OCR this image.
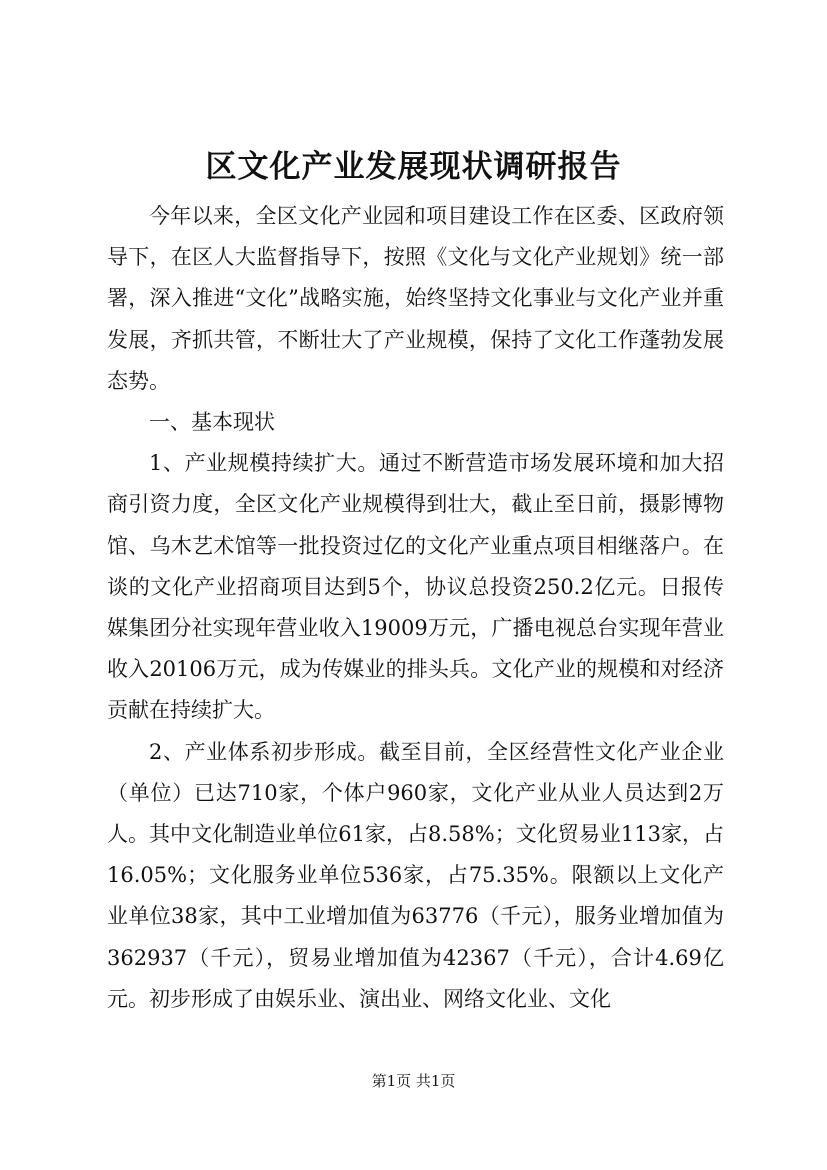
区文化产业发展现状调研报告

今年以来，全区文化产业园和项目建设工作在区委、区政府领导下，在区人大监督指导下，按照《文化与文化产业规划》统一部署，深入推进“文化”战略实施，始终坚持文化事业与文化产业并重发展，齐抓共管，不断壮大了产业规模，保持了文化工作蓬勃发展态势。

一、基本现状

1、产业规模持续扩大。通过不断营造市场发展环境和加大招商引资力度，全区文化产业规模得到壮大，截止至日前，摄影博物馆、乌木艺术馆等一批投资过亿的文化产业重点项目相继落户。在谈的文化产业招商项目达到5个，协议总投资250.2亿元。日报传媒集团分社实现年营业收入19009万元，广播电视总台实现年营业收入20106万元，成为传媒业的排头兵。文化产业的规模和对经济贡献在持续扩大。

2、产业体系初步形成。截至目前，全区经营性文化产业企业（单位）已达710家，个体户960家，文化产业从业人员达到2万人。其中文化制造业单位61家，占8.58%；文化贸易业113家，占16.05%；文化服务业单位536家，占75.35%。限额以上文化产业单位38家，其中工业增加值为63776（千元），服务业增加值为362937（千元），贸易业增加值为42367（千元），合计4.69亿元。初步形成了由娱乐业、演出业、网络文化业、文化

第1页 共1页
